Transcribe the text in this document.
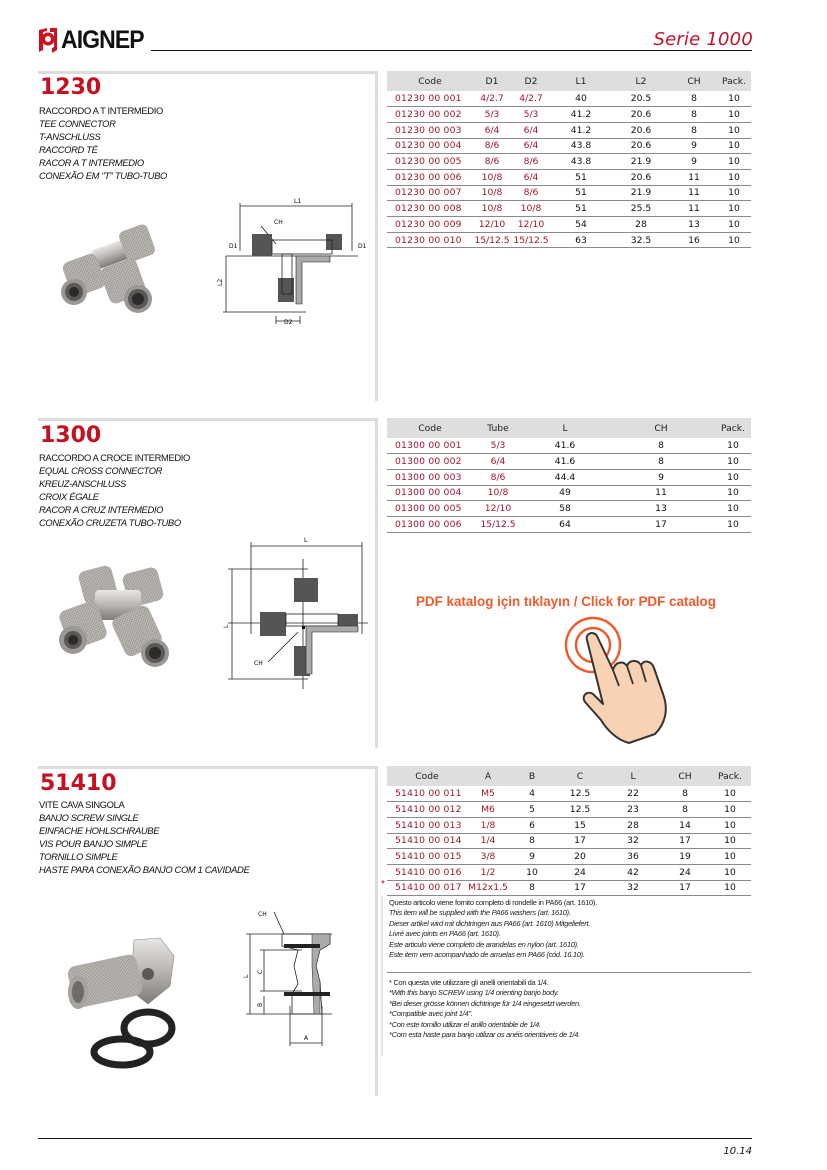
AIGNEP	Serie 1000
1230
RACCORDO A T INTERMEDIO
TEE CONNECTOR
T-ANSCHLUSS
RACCORD TÉ
RACOR A T INTERMEDIO
CONEXÃO EM "T" TUBO-TUBO
L1
CH
D1	D1
L2
D2
Code	D1	D2	L1	L2	CH	Pack.
01230 00 001	4/2.7	4/2.7	40	20.5	8	10
01230 00 002	5/3	5/3	41.2	20.6	8	10
01230 00 003	6/4	6/4	41.2	20.6	8	10
01230 00 004	8/6	6/4	43.8	20.6	9	10
01230 00 005	8/6	8/6	43.8	21.9	9	10
01230 00 006	10/8	6/4	51	20.6	11	10
01230 00 007	10/8	8/6	51	21.9	11	10
01230 00 008	10/8	10/8	51	25.5	11	10
01230 00 009	12/10	12/10	54	28	13	10
01230 00 010	15/12.5	15/12.5	63	32.5	16	10
1300
RACCORDO A CROCE INTERMEDIO
EQUAL CROSS CONNECTOR
KREUZ-ANSCHLUSS
CROIX ÉGALE
RACOR A CRUZ INTERMEDIO
CONEXÃO CRUZETA TUBO-TUBO
L
L
CH
Code	Tube	L	CH	Pack.
01300 00 001	5/3	41.6	8	10
01300 00 002	6/4	41.6	8	10
01300 00 003	8/6	44.4	9	10
01300 00 004	10/8	49	11	10
01300 00 005	12/10	58	13	10
01300 00 006	15/12.5	64	17	10
PDF katalog için tıklayın / Click for PDF catalog
51410
VITE CAVA SINGOLA
BANJO SCREW SINGLE
EINFACHE HOHLSCHRAUBE
VIS POUR BANJO SIMPLE
TORNILLO SIMPLE
HASTE PARA CONEXÃO BANJO COM 1 CAVIDADE
CH
L
C
B
A
Code	A	B	C	L	CH	Pack.
51410 00 011	M5	4	12.5	22	8	10
51410 00 012	M6	5	12.5	23	8	10
51410 00 013	1/8	6	15	28	14	10
51410 00 014	1/4	8	17	32	17	10
51410 00 015	3/8	9	20	36	19	10
51410 00 016	1/2	10	24	42	24	10
51410 00 017	M12x1.5	8	17	32	17	10
*
Questo articolo viene fornito completo di rondelle in PA66 (art. 1610).
This item will be supplied with the PA66 washers (art. 1610).
Dieser artikel wird mit dichtringen aus PA66 (art. 1610) Mitgeliefert.
Livré avec joints en PA66 (art. 1610).
Este articulo viene completo de arandelas en nylon (art. 1610).
Este item vem acompanhado de arruelas em PA66 (cód. 16.10).
* Con questa vite utilizzare gli anelli orientabili da 1/4.
*With this banjo SCREW using 1/4 orienting banjo body.
*Bei dieser grösse können dichtringe für 1/4 eingesetzt werden.
*Compatible avec joint 1/4".
*Con este tornillo utilizar el anillo orientable de 1/4.
*Com esta haste para banjo utilizar os anéis orientáveis de 1/4.
10.14
